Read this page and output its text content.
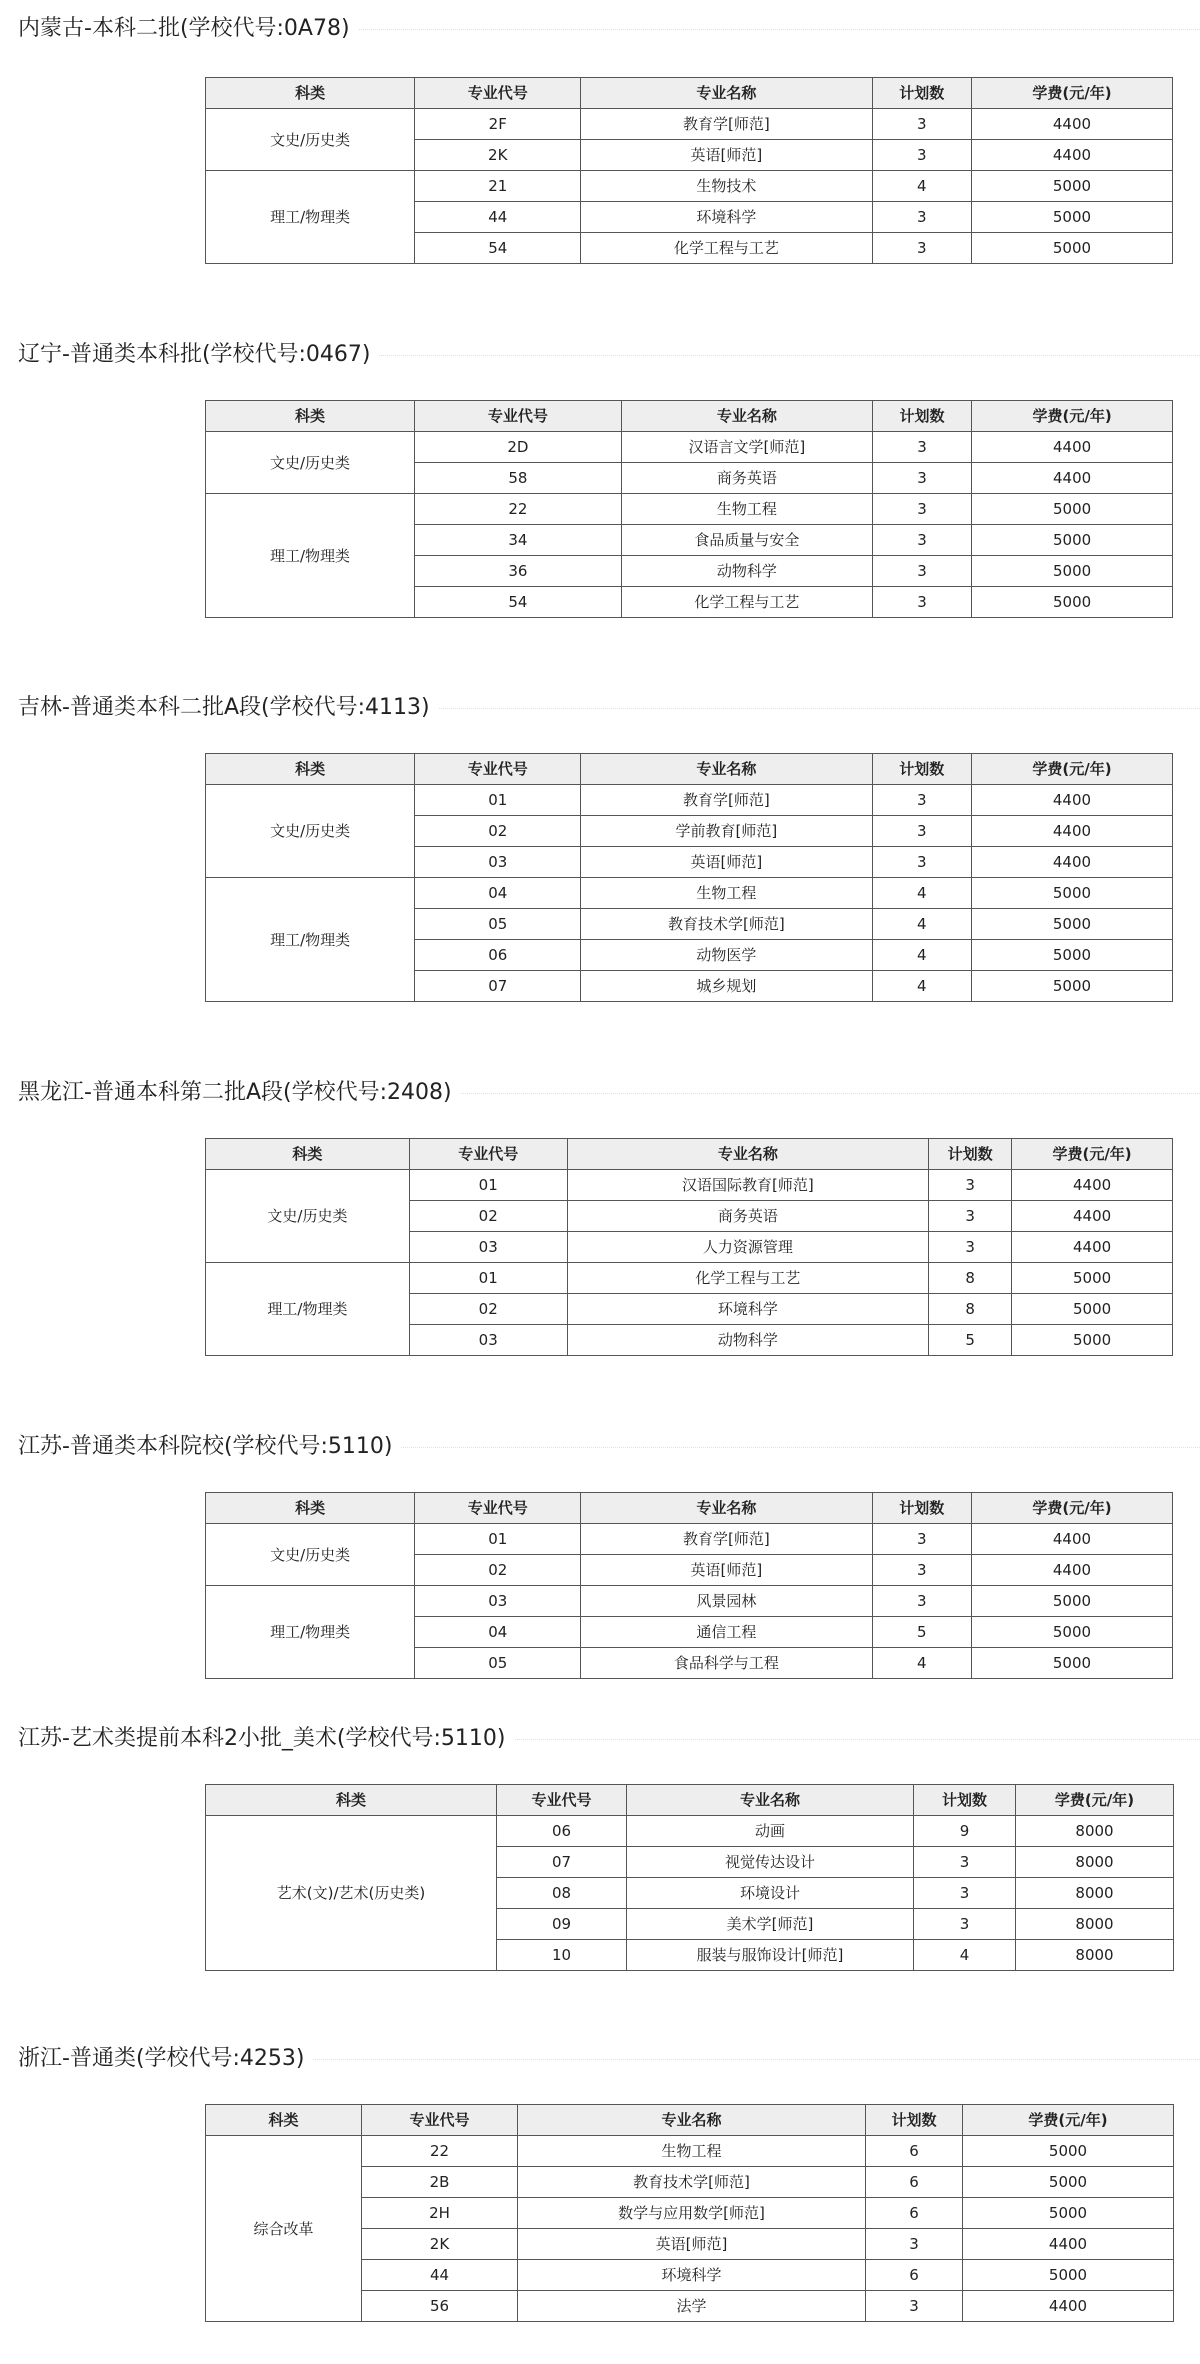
内蒙古-本科二批(学校代号:0A78)
科类	专业代号	专业名称	计划数	学费(元/年)
文史/历史类	2F	教育学[师范]	3	4400
	2K	英语[师范]	3	4400
理工/物理类	21	生物技术	4	5000
	44	环境科学	3	5000
	54	化学工程与工艺	3	5000
辽宁-普通类本科批(学校代号:0467)
科类	专业代号	专业名称	计划数	学费(元/年)
文史/历史类	2D	汉语言文学[师范]	3	4400
	58	商务英语	3	4400
理工/物理类	22	生物工程	3	5000
	34	食品质量与安全	3	5000
	36	动物科学	3	5000
	54	化学工程与工艺	3	5000
吉林-普通类本科二批A段(学校代号:4113)
科类	专业代号	专业名称	计划数	学费(元/年)
文史/历史类	01	教育学[师范]	3	4400
	02	学前教育[师范]	3	4400
	03	英语[师范]	3	4400
理工/物理类	04	生物工程	4	5000
	05	教育技术学[师范]	4	5000
	06	动物医学	4	5000
	07	城乡规划	4	5000
黑龙江-普通本科第二批A段(学校代号:2408)
科类	专业代号	专业名称	计划数	学费(元/年)
文史/历史类	01	汉语国际教育[师范]	3	4400
	02	商务英语	3	4400
	03	人力资源管理	3	4400
理工/物理类	01	化学工程与工艺	8	5000
	02	环境科学	8	5000
	03	动物科学	5	5000
江苏-普通类本科院校(学校代号:5110)
科类	专业代号	专业名称	计划数	学费(元/年)
文史/历史类	01	教育学[师范]	3	4400
	02	英语[师范]	3	4400
理工/物理类	03	风景园林	3	5000
	04	通信工程	5	5000
	05	食品科学与工程	4	5000
江苏-艺术类提前本科2小批_美术(学校代号:5110)
科类	专业代号	专业名称	计划数	学费(元/年)
艺术(文)/艺术(历史类)	06	动画	9	8000
	07	视觉传达设计	3	8000
	08	环境设计	3	8000
	09	美术学[师范]	3	8000
	10	服装与服饰设计[师范]	4	8000
浙江-普通类(学校代号:4253)
科类	专业代号	专业名称	计划数	学费(元/年)
综合改革	22	生物工程	6	5000
	2B	教育技术学[师范]	6	5000
	2H	数学与应用数学[师范]	6	5000
	2K	英语[师范]	3	4400
	44	环境科学	6	5000
	56	法学	3	4400
